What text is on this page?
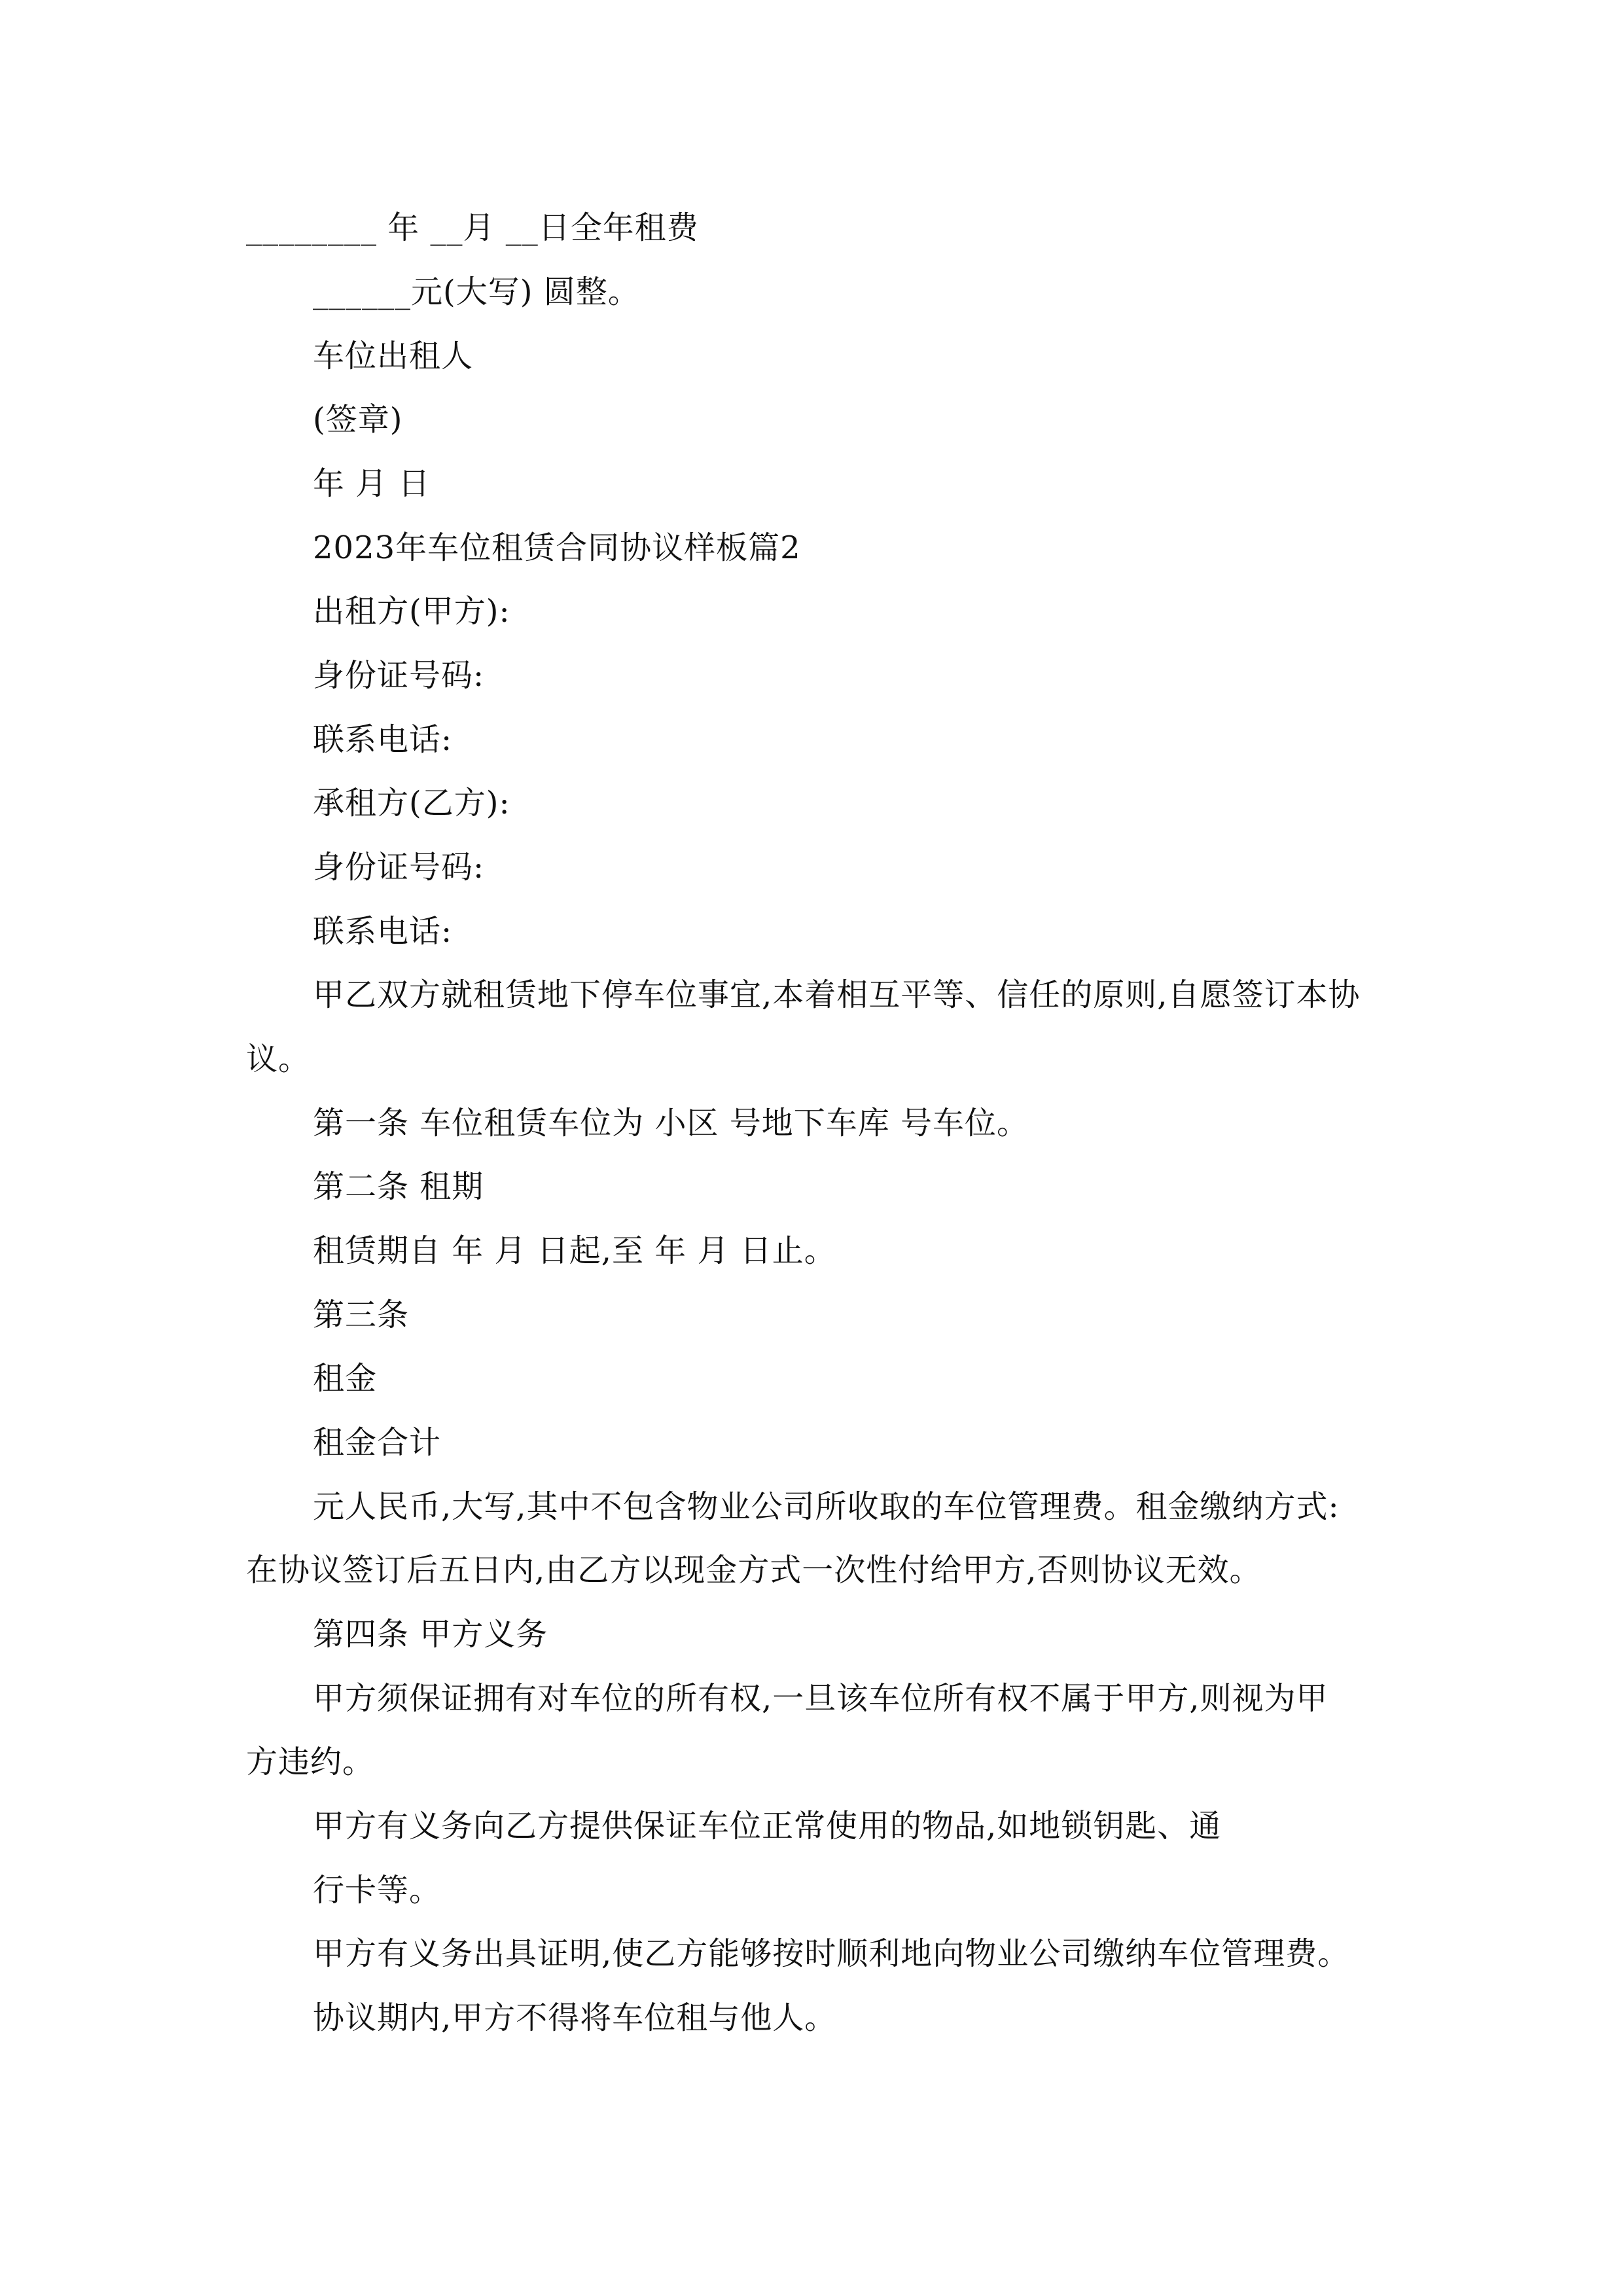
________ 年 __月 __日全年租费
______元(大写) 圆整。
车位出租人
(签章)
年 月 日
2023年车位租赁合同协议样板篇2
出租方(甲方):
身份证号码:
联系电话:
承租方(乙方):
身份证号码:
联系电话:
甲乙双方就租赁地下停车位事宜,本着相互平等、信任的原则,自愿签订本协
议。
第一条 车位租赁车位为 小区 号地下车库 号车位。
第二条 租期
租赁期自 年 月 日起,至 年 月 日止。
第三条
租金
租金合计
元人民币,大写,其中不包含物业公司所收取的车位管理费。租金缴纳方式:
在协议签订后五日内,由乙方以现金方式一次性付给甲方,否则协议无效。
第四条 甲方义务
甲方须保证拥有对车位的所有权,一旦该车位所有权不属于甲方,则视为甲
方违约。
甲方有义务向乙方提供保证车位正常使用的物品,如地锁钥匙、通
行卡等。
甲方有义务出具证明,使乙方能够按时顺利地向物业公司缴纳车位管理费。
协议期内,甲方不得将车位租与他人。
